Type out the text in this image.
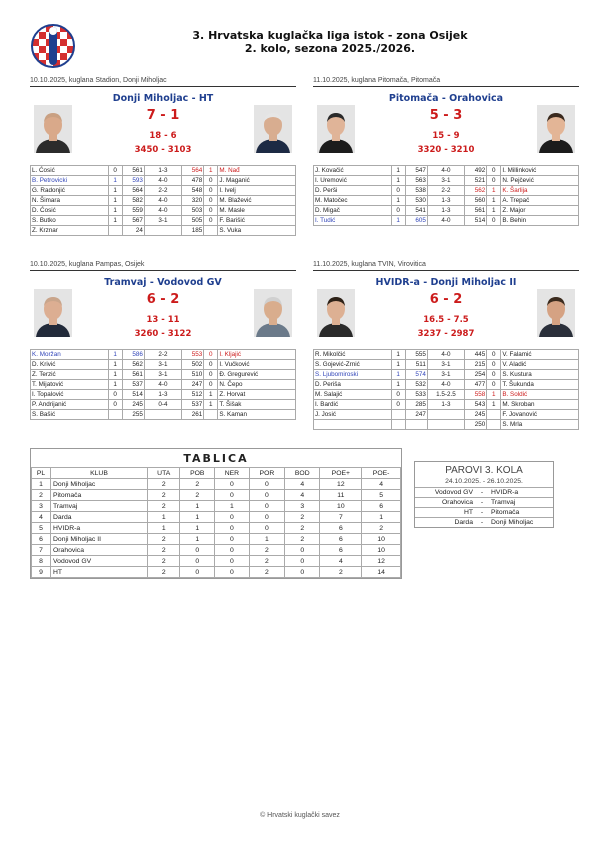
3. Hrvatska kuglačka liga istok - zona Osijek
2. kolo, sezona 2025./2026.
10.10.2025, kuglana Stadion, Donji Miholjac
Donji Miholjac - HT
7 - 1
18 - 6
3450 - 3103
L. Ćosić	0	561	1-3	564	1	M. Nađ
B. Petrovicki	1	593	4-0	478	0	J. Maganić
G. Radonjić	1	564	2-2	548	0	I. Ivelj
N. Šimara	1	582	4-0	320	0	M. Blažević
D. Ćosić	1	559	4-0	503	0	M. Masle
S. Butko	1	567	3-1	505	0	F. Barišić
Z. Krznar		24		185		S. Vuka
11.10.2025, kuglana Pitomača, Pitomača
Pitomača - Orahovica
5 - 3
15 - 9
3320 - 3210
J. Kovačić	1	547	4-0	492	0	I. Millinković
I. Uremović	1	563	3-1	521	0	N. Pejčević
D. Perši	0	538	2-2	562	1	K. Šarlija
M. Matočec	1	530	1-3	560	1	A. Trepač
D. Migač	0	541	1-3	561	1	Z. Major
I. Tudić	1	605	4-0	514	0	B. Behin
10.10.2025, kuglana Pampas, Osijek
Tramvaj - Vodovod GV
6 - 2
13 - 11
3260 - 3122
K. Moržan	1	586	2-2	553	0	I. Kljajić
D. Krivić	1	562	3-1	502	0	I. Vučković
Z. Terzić	1	561	3-1	510	0	Đ. Gregurević
T. Mijatović	1	537	4-0	247	0	N. Čepo
I. Topalović	0	514	1-3	512	1	Z. Horvat
P. Andrijanić	0	245	0-4	537	1	T. Šišak
S. Bašić		255		261		S. Kaman
11.10.2025, kuglana TVIN, Virovitica
HVIDR-a - Donji Miholjac II
6 - 2
16.5 - 7.5
3237 - 2987
R. Mikolčić	1	555	4-0	445	0	V. Falamić
S. Gojević-Zrnić	1	511	3-1	215	0	V. Aladić
S. Ljubomiroski	1	574	3-1	254	0	S. Kustura
D. Periša	1	532	4-0	477	0	T. Šukunda
M. Salajić	0	533	1.5-2.5	558	1	B. Soldić
I. Bardić	0	285	1-3	543	1	M. Skroban
J. Josić		247		245		F. Jovanović
				250		S. Mrla
TABLICA
PL	KLUB	UTA	POB	NER	POR	BOD	POE+	POE-
1	Donji Miholjac	2	2	0	0	4	12	4
2	Pitomača	2	2	0	0	4	11	5
3	Tramvaj	2	1	1	0	3	10	6
4	Darda	1	1	0	0	2	7	1
5	HVIDR-a	1	1	0	0	2	6	2
6	Donji Miholjac II	2	1	0	1	2	6	10
7	Orahovica	2	0	0	2	0	6	10
8	Vodovod GV	2	0	0	2	0	4	12
9	HT	2	0	0	2	0	2	14
PAROVI 3. KOLA
24.10.2025. - 26.10.2025.
Vodovod GV	-	HVIDR-a
Orahovica	-	Tramvaj
HT	-	Pitomača
Darda	-	Donji Miholjac
© Hrvatski kuglački savez
